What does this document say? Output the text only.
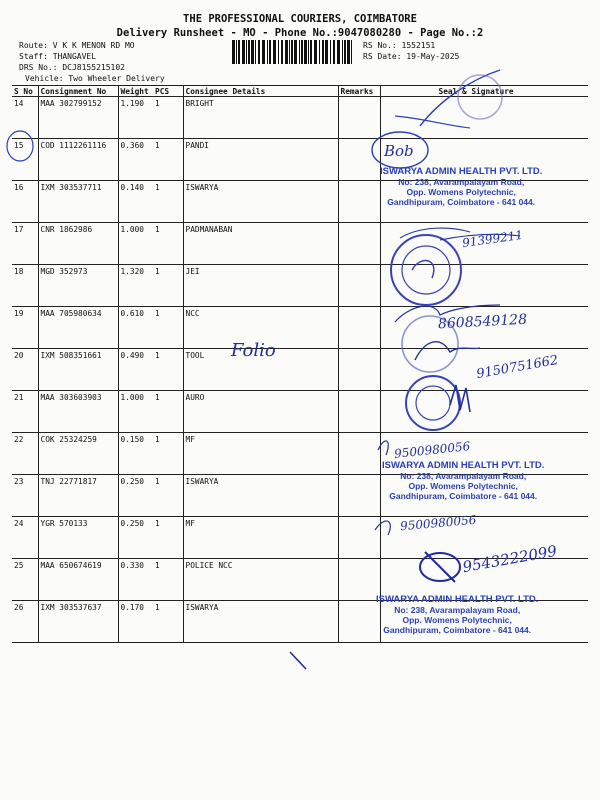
THE PROFESSIONAL COURIERS, COIMBATORE
Delivery Runsheet - MO - Phone No.:9047080280 - Page No.:2
Route: V K K MENON RD MO
Staff: THANGAVEL
DRS No.: DCJ8155215102
Vehicle: Two Wheeler Delivery
RS No.: 1552151
RS Date: 19-May-2025
S No	Consignment No	Weight	PCS	Consignee Details	Remarks	Seal & Signature
14	MAA 302799152	1.190	1	BRIGHT		
15	COD 1112261116	0.360	1	PANDI		
16	IXM 303537711	0.140	1	ISWARYA		
17	CNR 1862986	1.000	1	PADMANABAN		
18	MGD 352973	1.320	1	JEI		
19	MAA 705980634	0.610	1	NCC		
20	IXM 508351661	0.490	1	TOOL		
21	MAA 303603903	1.000	1	AURO		
22	COK 25324259	0.150	1	MF		
23	TNJ 22771817	0.250	1	ISWARYA		
24	YGR 570133	0.250	1	MF		
25	MAA 650674619	0.330	1	POLICE NCC		
26	IXM 303537637	0.170	1	ISWARYA		
Bob
Folio
91399211
8608549128
9150751662
9500980056
9500980056
9543222099
ISWARYA ADMIN HEALTH PVT. LTD.
No: 238, Avarampalayam Road,
Opp. Womens Polytechnic,
Gandhipuram, Coimbatore - 641 044.
ISWARYA ADMIN HEALTH PVT. LTD.
No: 238, Avarampalayam Road,
Opp. Womens Polytechnic,
Gandhipuram, Coimbatore - 641 044.
ISWARYA ADMIN HEALTH PVT. LTD.
No: 238, Avarampalayam Road,
Opp. Womens Polytechnic,
Gandhipuram, Coimbatore - 641 044.
